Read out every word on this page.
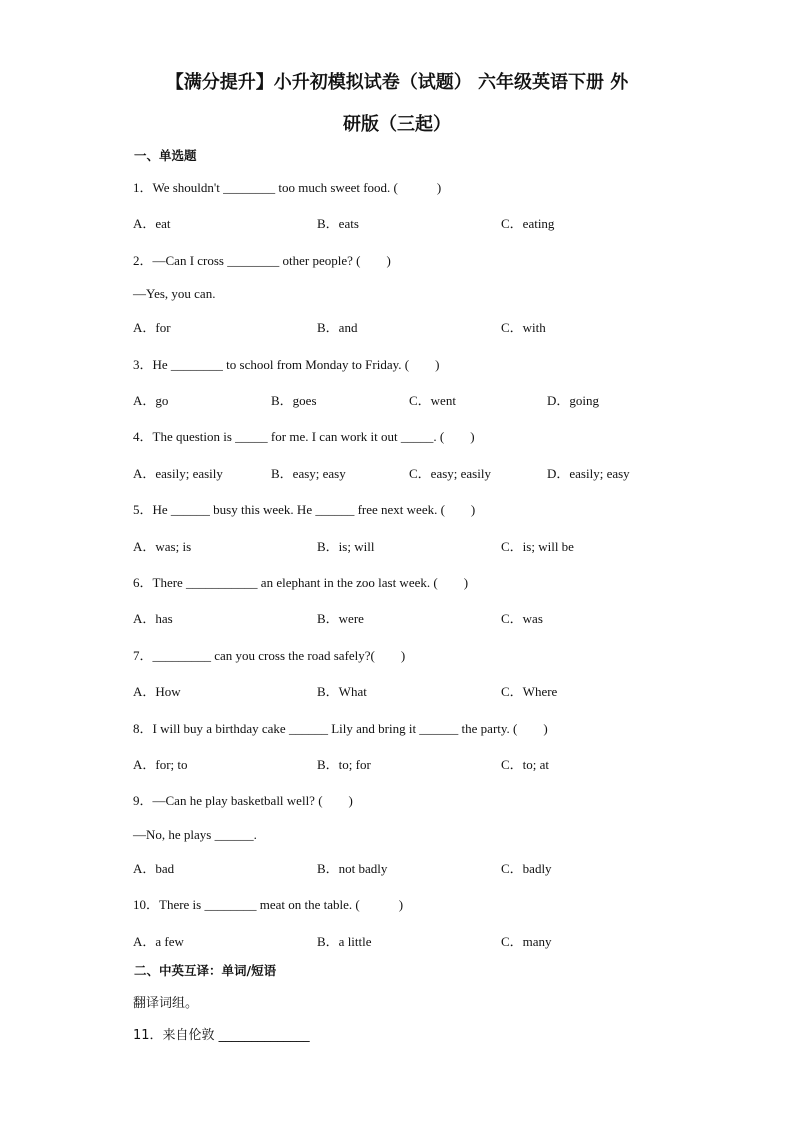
【满分提升】小升初模拟试卷（试题） 六年级英语下册 外
研版（三起）
一、单选题
1．We shouldn't ________ too much sweet food. (　　　)
A．eat	B．eats	C．eating
2．—Can I cross ________ other people? (　　)
—Yes, you can.
A．for	B．and	C．with
3．He ________ to school from Monday to Friday. (　　)
A．go	B．goes	C．went	D．going
4．The question is _____ for me. I can work it out _____. (　　)
A．easily; easily	B．easy; easy	C．easy; easily	D．easily; easy
5．He ______ busy this week. He ______ free next week. (　　)
A．was; is	B．is; will	C．is; will be
6．There ___________ an elephant in the zoo last week. (　　)
A．has	B．were	C．was
7．_________ can you cross the road safely?(　　)
A．How	B．What	C．Where
8．I will buy a birthday cake ______ Lily and bring it ______ the party. (　　)
A．for; to	B．to; for	C．to; at
9．—Can he play basketball well? (　　)
—No, he plays ______.
A．bad	B．not badly	C．badly
10．There is ________ meat on the table. (　　　)
A．a few	B．a little	C．many
二、中英互译：单词/短语
翻译词组。
11．来自伦敦 ______________
